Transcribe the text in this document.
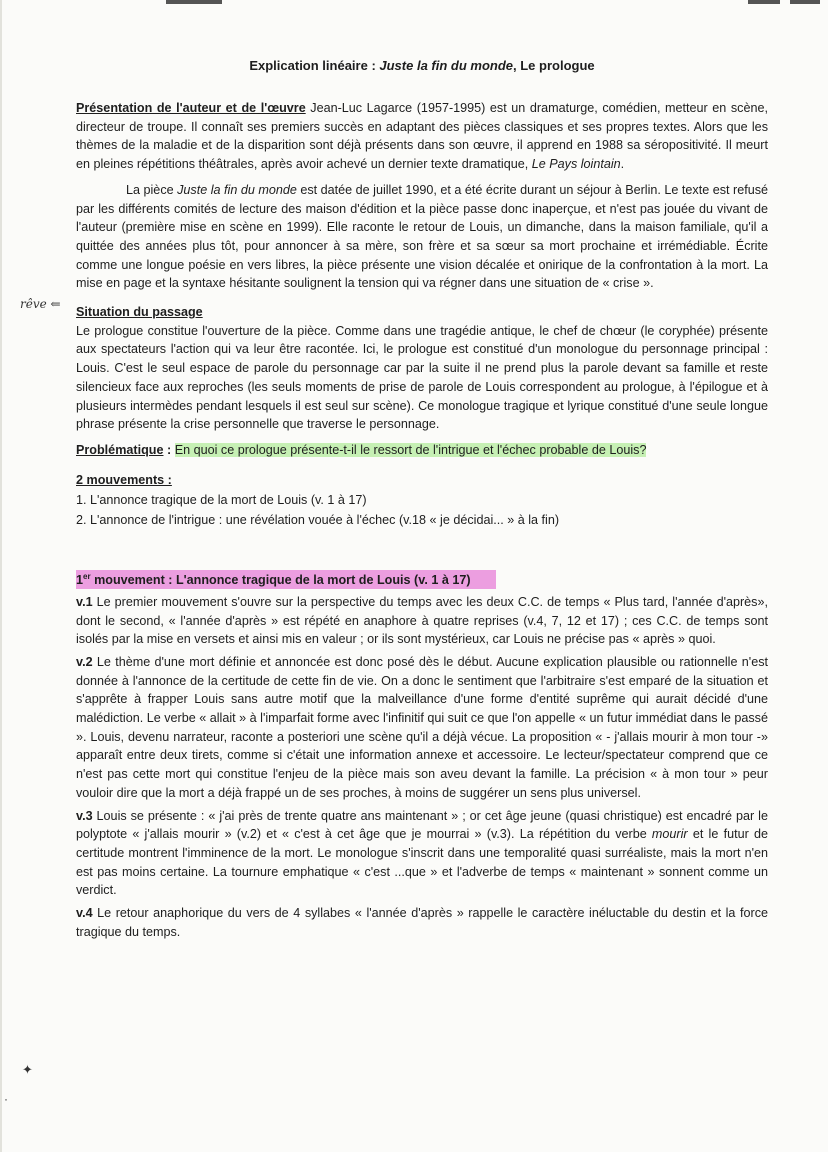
rêve ⇐
✦
·
Explication linéaire : Juste la fin du monde, Le prologue

Présentation de l'auteur et de l'œuvre Jean-Luc Lagarce (1957-1995) est un dramaturge, comédien, metteur en scène, directeur de troupe. Il connaît ses premiers succès en adaptant des pièces classiques et ses propres textes. Alors que les thèmes de la maladie et de la disparition sont déjà présents dans son œuvre, il apprend en 1988 sa séropositivité. Il meurt en pleines répétitions théâtrales, après avoir achevé un dernier texte dramatique, Le Pays lointain.

La pièce Juste la fin du monde est datée de juillet 1990, et a été écrite durant un séjour à Berlin. Le texte est refusé par les différents comités de lecture des maison d'édition et la pièce passe donc inaperçue, et n'est pas jouée du vivant de l'auteur (première mise en scène en 1999). Elle raconte le retour de Louis, un dimanche, dans la maison familiale, qu'il a quittée des années plus tôt, pour annoncer à sa mère, son frère et sa sœur sa mort prochaine et irrémédiable. Écrite comme une longue poésie en vers libres, la pièce présente une vision décalée et onirique de la confrontation à la mort. La mise en page et la syntaxe hésitante soulignent la tension qui va régner dans une situation de « crise ».

Situation du passage

Le prologue constitue l'ouverture de la pièce. Comme dans une tragédie antique, le chef de chœur (le coryphée) présente aux spectateurs l'action qui va leur être racontée. Ici, le prologue est constitué d'un monologue du personnage principal : Louis. C'est le seul espace de parole du personnage car par la suite il ne prend plus la parole devant sa famille et reste silencieux face aux reproches (les seuls moments de prise de parole de Louis correspondent au prologue, à l'épilogue et à plusieurs intermèdes pendant lesquels il est seul sur scène). Ce monologue tragique et lyrique constitué d'une seule longue phrase présente la crise personnelle que traverse le personnage.

Problématique : En quoi ce prologue présente-t-il le ressort de l'intrigue et l'échec probable de Louis?

2 mouvements :

1. L'annonce tragique de la mort de Louis (v. 1 à 17)

2. L'annonce de l'intrigue : une révélation vouée à l'échec (v.18 « je décidai... » à la fin)

1er mouvement : L'annonce tragique de la mort de Louis (v. 1 à 17)

v.1 Le premier mouvement s'ouvre sur la perspective du temps avec les deux C.C. de temps « Plus tard, l'année d'après», dont le second, « l'année d'après » est répété en anaphore à quatre reprises (v.4, 7, 12 et 17) ; ces C.C. de temps sont isolés par la mise en versets et ainsi mis en valeur ; or ils sont mystérieux, car Louis ne précise pas « après » quoi.

v.2 Le thème d'une mort définie et annoncée est donc posé dès le début. Aucune explication plausible ou rationnelle n'est donnée à l'annonce de la certitude de cette fin de vie. On a donc le sentiment que l'arbitraire s'est emparé de la situation et s'apprête à frapper Louis sans autre motif que la malveillance d'une forme d'entité suprême qui aurait décidé d'une malédiction. Le verbe « allait » à l'imparfait forme avec l'infinitif qui suit ce que l'on appelle « un futur immédiat dans le passé ». Louis, devenu narrateur, raconte a posteriori une scène qu'il a déjà vécue. La proposition « - j'allais mourir à mon tour -» apparaît entre deux tirets, comme si c'était une information annexe et accessoire. Le lecteur/spectateur comprend que ce n'est pas cette mort qui constitue l'enjeu de la pièce mais son aveu devant la famille. La précision « à mon tour » peur vouloir dire que la mort a déjà frappé un de ses proches, à moins de suggérer un sens plus universel.

v.3 Louis se présente : « j'ai près de trente quatre ans maintenant » ; or cet âge jeune (quasi christique) est encadré par le polyptote « j'allais mourir » (v.2) et « c'est à cet âge que je mourrai » (v.3). La répétition du verbe mourir et le futur de certitude montrent l'imminence de la mort. Le monologue s'inscrit dans une temporalité quasi surréaliste, mais la mort n'en est pas moins certaine. La tournure emphatique « c'est ...que » et l'adverbe de temps « maintenant » sonnent comme un verdict.

v.4 Le retour anaphorique du vers de 4 syllabes « l'année d'après » rappelle le caractère inéluctable du destin et la force tragique du temps.
